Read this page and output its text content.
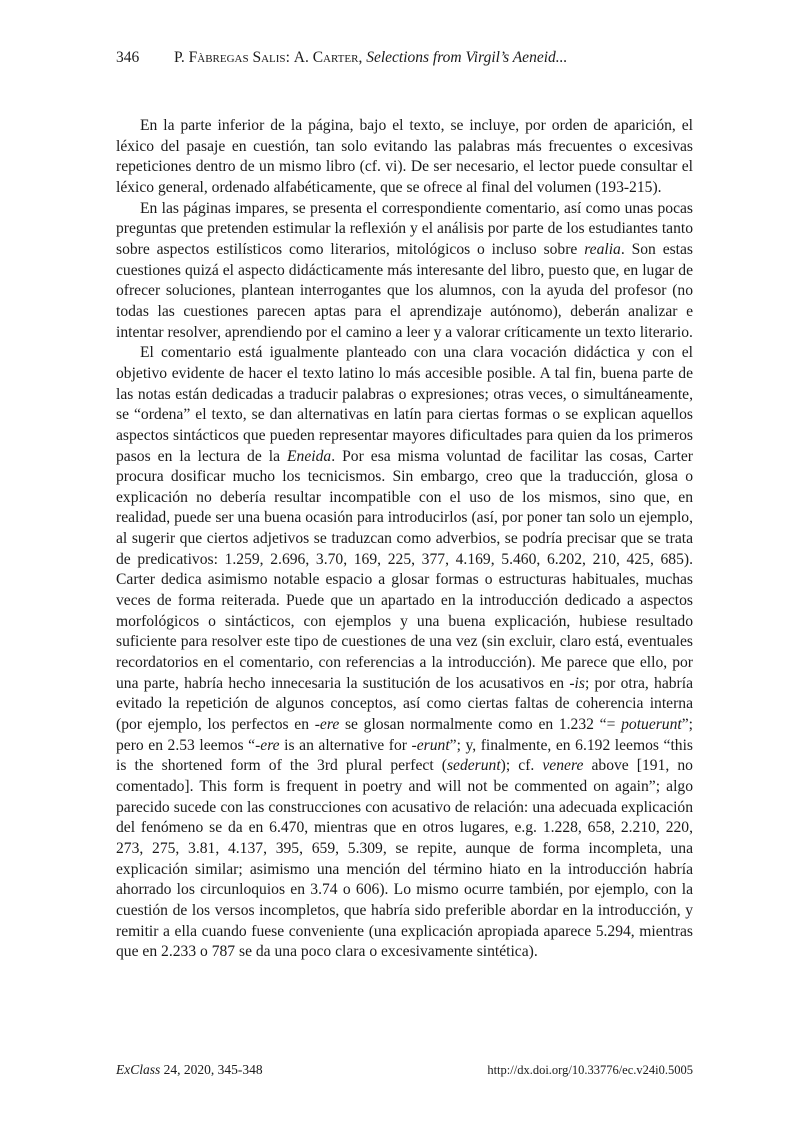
346 P. Fàbregas Salis: A. Carter, Selections from Virgil’s Aeneid...

En la parte inferior de la página, bajo el texto, se incluye, por orden de aparición, el léxico del pasaje en cuestión, tan solo evitando las palabras más frecuentes o excesivas repeticiones dentro de un mismo libro (cf. vi). De ser necesario, el lector puede consultar el léxico general, ordenado alfabéticamente, que se ofrece al final del volumen (193-215).

En las páginas impares, se presenta el correspondiente comentario, así como unas pocas preguntas que pretenden estimular la reflexión y el análisis por parte de los estudiantes tanto sobre aspectos estilísticos como literarios, mitológicos o incluso sobre realia. Son estas cuestiones quizá el aspecto didácticamente más interesante del libro, puesto que, en lugar de ofrecer soluciones, plantean interrogantes que los alumnos, con la ayuda del profesor (no todas las cuestiones parecen aptas para el aprendizaje autónomo), deberán analizar e intentar resolver, aprendiendo por el camino a leer y a valorar críticamente un texto literario.

El comentario está igualmente planteado con una clara vocación didáctica y con el objetivo evidente de hacer el texto latino lo más accesible posible. A tal fin, buena parte de las notas están dedicadas a traducir palabras o expresiones; otras veces, o simultáneamente, se “ordena” el texto, se dan alternativas en latín para ciertas formas o se explican aquellos aspectos sintácticos que pueden representar mayores dificultades para quien da los primeros pasos en la lectura de la Eneida. Por esa misma voluntad de facilitar las cosas, Carter procura dosificar mucho los tecnicismos. Sin embargo, creo que la traducción, glosa o explicación no debería resultar incompatible con el uso de los mismos, sino que, en realidad, puede ser una buena ocasión para introducirlos (así, por poner tan solo un ejemplo, al sugerir que ciertos adjetivos se traduzcan como adverbios, se podría precisar que se trata de predicativos: 1.259, 2.696, 3.70, 169, 225, 377, 4.169, 5.460, 6.202, 210, 425, 685). Carter dedica asimismo notable espacio a glosar formas o estructuras habituales, muchas veces de forma reiterada. Puede que un apartado en la introducción dedicado a aspectos morfológicos o sintácticos, con ejemplos y una buena explicación, hubiese resultado suficiente para resolver este tipo de cuestiones de una vez (sin excluir, claro está, eventuales recordatorios en el comentario, con referencias a la introducción). Me parece que ello, por una parte, habría hecho innecesaria la sustitución de los acusativos en -is; por otra, habría evitado la repetición de algunos conceptos, así como ciertas faltas de coherencia interna (por ejemplo, los perfectos en -ere se glosan normalmente como en 1.232 “= potuerunt”; pero en 2.53 leemos “-ere is an alternative for -erunt”; y, finalmente, en 6.192 leemos “this is the shortened form of the 3rd plural perfect (sederunt); cf. venere above [191, no comentado]. This form is frequent in poetry and will not be commented on again”; algo parecido sucede con las construcciones con acusativo de relación: una adecuada explicación del fenómeno se da en 6.470, mientras que en otros lugares, e.g. 1.228, 658, 2.210, 220, 273, 275, 3.81, 4.137, 395, 659, 5.309, se repite, aunque de forma incompleta, una explicación similar; asimismo una mención del término hiato en la introducción habría ahorrado los circunloquios en 3.74 o 606). Lo mismo ocurre también, por ejemplo, con la cuestión de los versos incompletos, que habría sido preferible abordar en la introducción, y remitir a ella cuando fuese conveniente (una explicación apropiada aparece 5.294, mientras que en 2.233 o 787 se da una poco clara o excesivamente sintética).

ExClass 24, 2020, 345-348	http://dx.doi.org/10.33776/ec.v24i0.5005
